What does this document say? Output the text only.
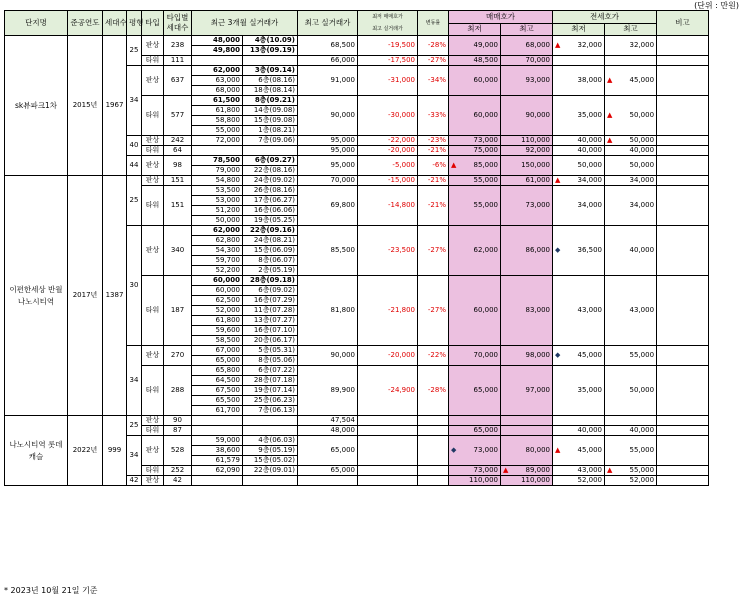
(단위 : 만원)
단지명	준공연도	세대수	평형	타입	타입별 세대수	최근 3개월 실거래가		최고 실거래가	최저 매매호가
최고 실거래가	변동률	매매호가		전세호가		비고	
											최저	최고	최저	최고		
sk뷰파크1차	2015년	1967	25	판상	238	48,000	4층(10.09)	68,500	-19,500	-28%	49,000	68,000	▲ 32,000	32,000		
						49,800	13층(09.19)									
				타워	111			66,000	-17,500	-27%	48,500	70,000				
			34	판상	637	62,000	3층(09.14)	91,000	-31,000	-34%	60,000	93,000	38,000	▲ 45,000		
						63,000	6층(08.16)									
						68,000	18층(08.14)									
				타워	577	61,500	8층(09.21)	90,000	-30,000	-33%	60,000	90,000	35,000	▲ 50,000		
						61,800	14층(09.08)									
						58,800	15층(09.08)									
						55,000	1층(08.21)									
			40	판상	242	72,000	7층(09.06)	95,000	-22,000	-23%	73,000	110,000	40,000	▲ 50,000		
				타워	64			95,000	-20,000	-21%	75,000	92,000	40,000	40,000		
			44	판상	98	78,500	6층(09.27)	95,000	-5,000	-6%	▲ 85,000	150,000	50,000	50,000		
						79,000	22층(08.16)									
이편한세상 반월나노시티역	2017년	1387	25	판상	151	54,800	24층(09.02)	70,000	-15,000	-21%	55,000	61,000	▲ 34,000	34,000		
				타워	151	53,500	26층(08.16)	69,800	-14,800	-21%	55,000	73,000	34,000	34,000		
						53,000	17층(06.27)									
						51,200	16층(06.06)									
						50,000	19층(05.25)									
			30	판상	340	62,000	22층(09.16)	85,500	-23,500	-27%	62,000	86,000	◆ 36,500	40,000		
						62,800	24층(08.21)									
						54,300	15층(06.09)									
						59,700	8층(06.07)									
						52,200	2층(05.19)									
				타워	187	60,000	28층(09.18)	81,800	-21,800	-27%	60,000	83,000	43,000	43,000		
						60,000	6층(09.02)									
						62,500	16층(07.29)									
						52,000	11층(07.28)									
						61,800	13층(07.27)									
						59,600	16층(07.10)									
						58,500	20층(06.17)									
			34	판상	270	67,000	5층(05.31)	90,000	-20,000	-22%	70,000	98,000	◆ 45,000	55,000		
						65,000	8층(05.06)									
				타워	288	65,800	6층(07.22)	89,900	-24,900	-28%	65,000	97,000	35,000	50,000		
						64,500	28층(07.18)									
						67,500	19층(07.14)									
						65,500	25층(06.23)									
						61,700	7층(06.13)									
나노시티역 롯데캐슬	2022년	999	25	판상	90			47,504								
				타워	87			48,000			65,000		40,000	40,000		
			34	판상	528	59,000	4층(06.03)	65,000			◆ 73,000	80,000	▲ 45,000	55,000		
						38,600	9층(05.19)									
						61,579	15층(05.02)									
				타워	252	62,090	22층(09.01)	65,000			73,000	▲ 89,000	43,000	▲ 55,000		
			42	판상	42						110,000	110,000	52,000	52,000		
* 2023년 10월 21일 기준
